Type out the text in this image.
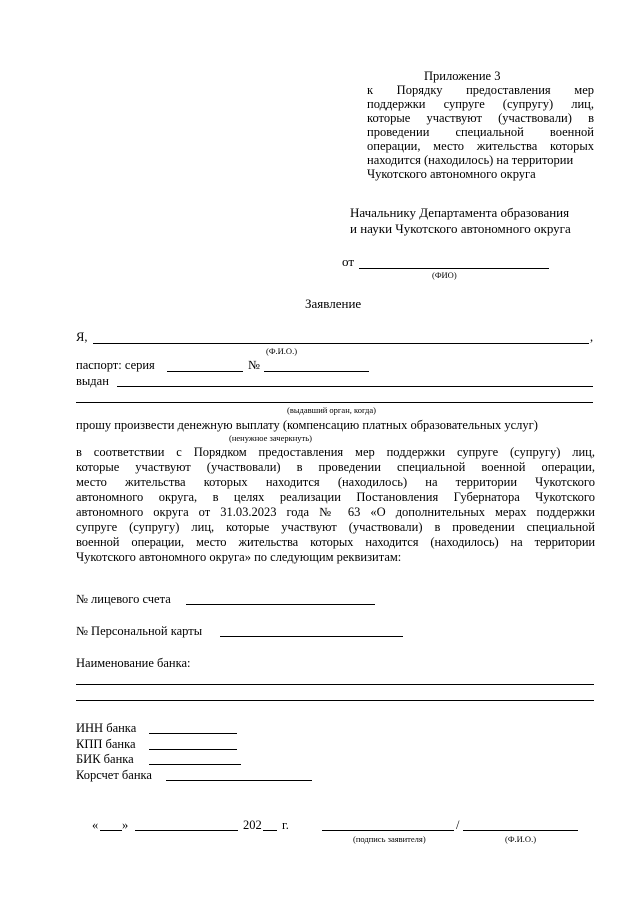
Приложение 3
к Порядку предоставления мер
поддержки супруге (супругу) лиц,
которые участвуют (участвовали) в
проведении специальной военной
операции, место жительства которых
находится (находилось) на территории
Чукотского автономного округа
Начальнику Департамента образования
и науки Чукотского автономного округа
от
(ФИО)
Заявление
Я,	,
(Ф.И.О.)
паспорт: серия	№
выдан
(выдавший орган, когда)
прошу произвести денежную выплату (компенсацию платных образовательных услуг)
(ненужное зачеркнуть)
в соответствии с Порядком предоставления мер поддержки супруге (супругу) лиц,
которые участвуют (участвовали) в проведении специальной военной операции,
место жительства которых находится (находилось) на территории Чукотского
автономного округа, в целях реализации Постановления Губернатора Чукотского
автономного округа от 31.03.2023 года № 63 «О дополнительных мерах поддержки
супруге (супругу) лиц, которые участвуют (участвовали) в проведении специальной
военной операции, место жительства которых находится (находилось) на территории
Чукотского автономного округа» по следующим реквизитам:
№ лицевого счета
№ Персональной карты
Наименование банка:
ИНН банка
КПП банка
БИК банка
Корсчет банка
« »	202 г.	/
(подпись заявителя)	(Ф.И.О.)
